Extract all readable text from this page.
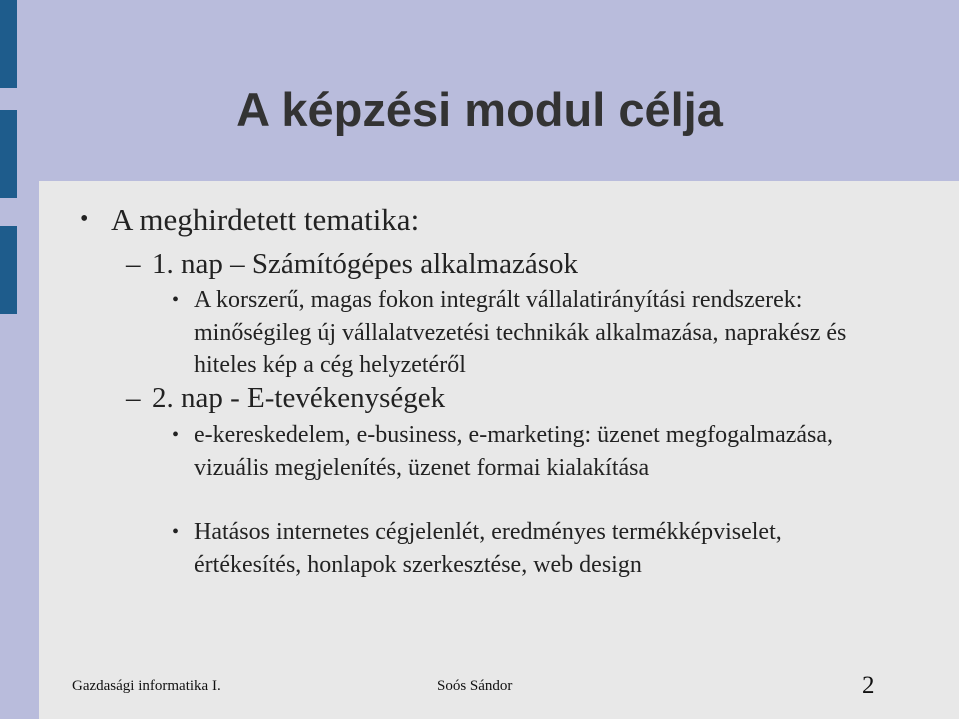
A képzési modul célja
• A meghirdetett tematika:
– 1. nap – Számítógépes alkalmazások
• A korszerű, magas fokon integrált vállalatirányítási rendszerek: minőségileg új vállalatvezetési technikák alkalmazása, naprakész és hiteles kép a cég helyzetéről
– 2. nap - E-tevékenységek
• e-kereskedelem, e-business, e-marketing: üzenet megfogalmazása, vizuális megjelenítés, üzenet formai kialakítása
• Hatásos internetes cégjelenlét, eredményes termékképviselet, értékesítés, honlapok szerkesztése, web design
Gazdasági informatika I.	Soós Sándor	2
